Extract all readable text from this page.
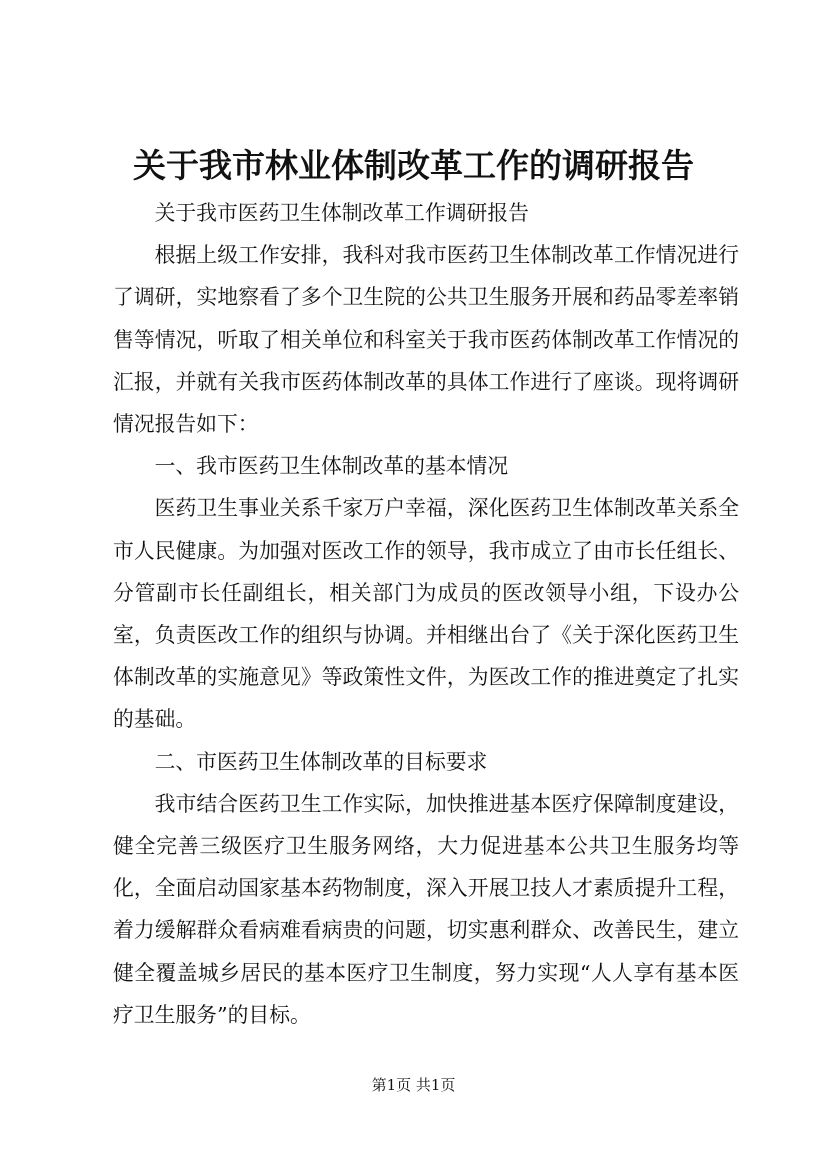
关于我市林业体制改革工作的调研报告

关于我市医药卫生体制改革工作调研报告

根据上级工作安排，我科对我市医药卫生体制改革工作情况进行了调研，实地察看了多个卫生院的公共卫生服务开展和药品零差率销售等情况，听取了相关单位和科室关于我市医药体制改革工作情况的汇报，并就有关我市医药体制改革的具体工作进行了座谈。现将调研情况报告如下：

一、我市医药卫生体制改革的基本情况

医药卫生事业关系千家万户幸福，深化医药卫生体制改革关系全市人民健康。为加强对医改工作的领导，我市成立了由市长任组长、分管副市长任副组长，相关部门为成员的医改领导小组，下设办公室，负责医改工作的组织与协调。并相继出台了《关于深化医药卫生体制改革的实施意见》等政策性文件，为医改工作的推进奠定了扎实的基础。

二、市医药卫生体制改革的目标要求

我市结合医药卫生工作实际，加快推进基本医疗保障制度建设，健全完善三级医疗卫生服务网络，大力促进基本公共卫生服务均等化，全面启动国家基本药物制度，深入开展卫技人才素质提升工程，着力缓解群众看病难看病贵的问题，切实惠利群众、改善民生，建立健全覆盖城乡居民的基本医疗卫生制度，努力实现“人人享有基本医疗卫生服务”的目标。

第1页 共1页
